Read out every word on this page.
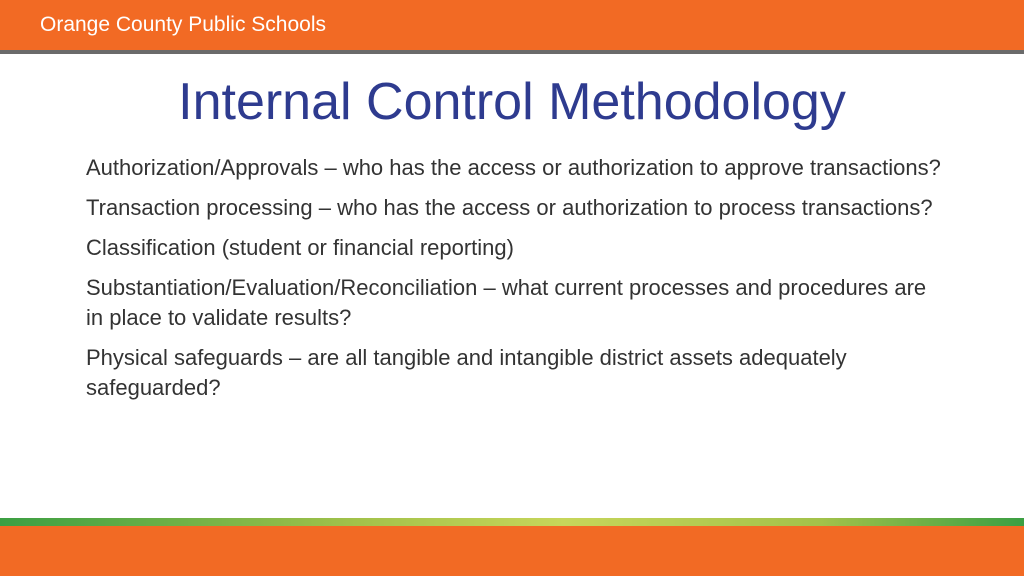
Orange County Public Schools
Internal Control Methodology
Authorization/Approvals – who has the access or authorization to approve transactions?
Transaction processing – who has the access or authorization to process transactions?
Classification (student or financial reporting)
Substantiation/Evaluation/Reconciliation – what current processes and procedures are in place to validate results?
Physical safeguards – are all tangible and intangible district assets adequately safeguarded?
